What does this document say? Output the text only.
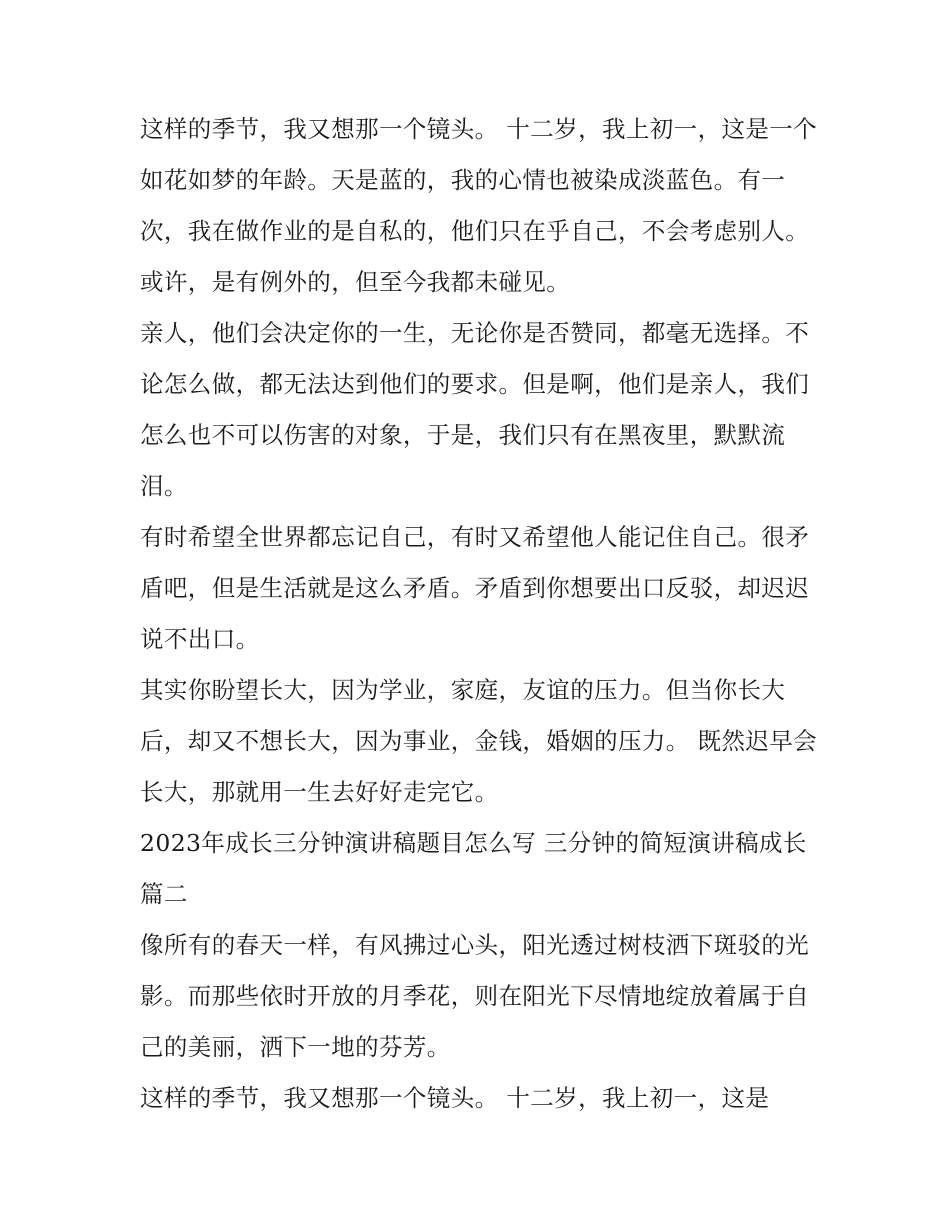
这样的季节，我又想那一个镜头。 十二岁，我上初一，这是一个如花如梦的年龄。天是蓝的，我的心情也被染成淡蓝色。有一次，我在做作业的是自私的，他们只在乎自己，不会考虑别人。或许，是有例外的，但至今我都未碰见。

亲人，他们会决定你的一生，无论你是否赞同，都毫无选择。不论怎么做，都无法达到他们的要求。但是啊，他们是亲人，我们怎么也不可以伤害的对象，于是，我们只有在黑夜里，默默流泪。

有时希望全世界都忘记自己，有时又希望他人能记住自己。很矛盾吧，但是生活就是这么矛盾。矛盾到你想要出口反驳，却迟迟说不出口。

其实你盼望长大，因为学业，家庭，友谊的压力。但当你长大后，却又不想长大，因为事业，金钱，婚姻的压力。 既然迟早会长大，那就用一生去好好走完它。

2023年成长三分钟演讲稿题目怎么写 三分钟的简短演讲稿成长篇二

像所有的春天一样，有风拂过心头，阳光透过树枝洒下斑驳的光影。而那些依时开放的月季花，则在阳光下尽情地绽放着属于自己的美丽，洒下一地的芬芳。

这样的季节，我又想那一个镜头。 十二岁，我上初一，这是
